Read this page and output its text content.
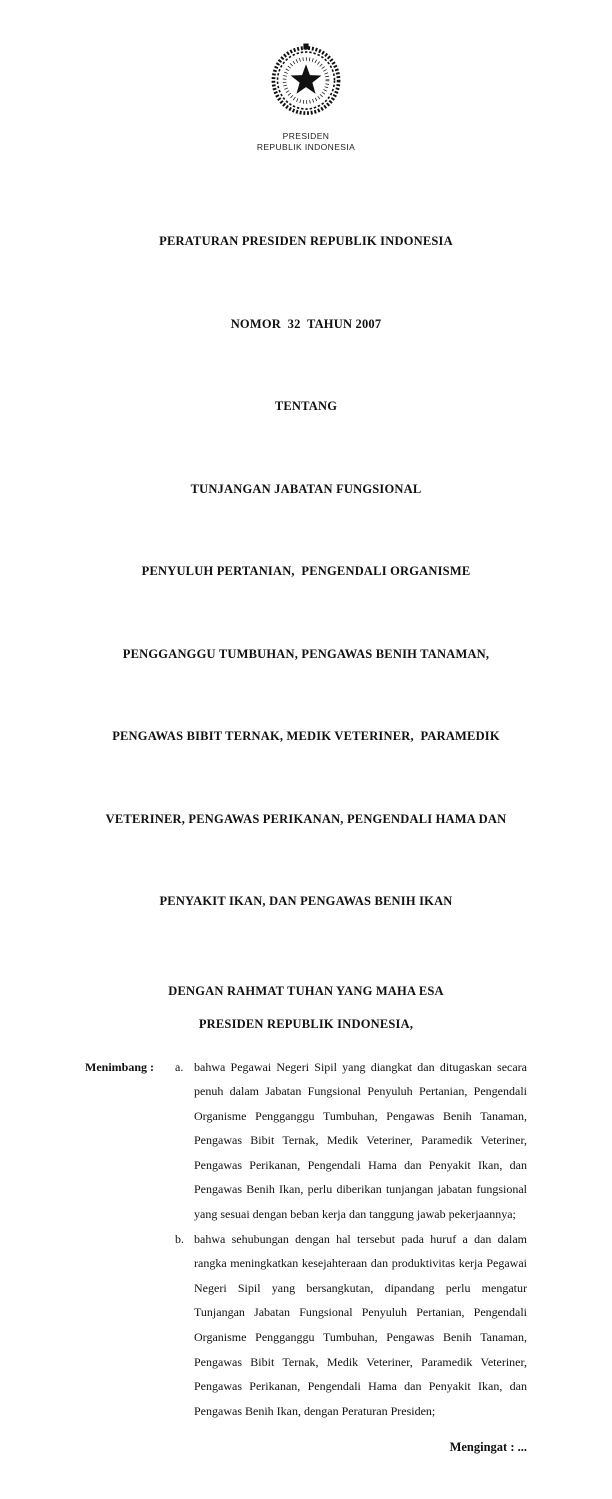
PRESIDEN
REPUBLIK INDONESIA

PERATURAN PRESIDEN REPUBLIK INDONESIA

NOMOR  32  TAHUN 2007

TENTANG

TUNJANGAN JABATAN FUNGSIONAL

PENYULUH PERTANIAN,  PENGENDALI ORGANISME

PENGGANGGU TUMBUHAN, PENGAWAS BENIH TANAMAN,

PENGAWAS BIBIT TERNAK, MEDIK VETERINER,  PARAMEDIK

VETERINER, PENGAWAS PERIKANAN, PENGENDALI HAMA DAN

PENYAKIT IKAN, DAN PENGAWAS BENIH IKAN

DENGAN RAHMAT TUHAN YANG MAHA ESA
PRESIDEN REPUBLIK INDONESIA,
Menimbang :	a. bahwa Pegawai Negeri Sipil yang diangkat dan ditugaskan secara penuh dalam Jabatan Fungsional Penyuluh Pertanian, Pengendali Organisme Pengganggu Tumbuhan, Pengawas Benih Tanaman, Pengawas Bibit Ternak, Medik Veteriner, Paramedik Veteriner, Pengawas Perikanan, Pengendali Hama dan Penyakit Ikan, dan Pengawas Benih Ikan, perlu diberikan tunjangan jabatan fungsional yang sesuai dengan beban kerja dan tanggung jawab pekerjaannya;
b. bahwa sehubungan dengan hal tersebut pada huruf a dan dalam rangka meningkatkan kesejahteraan dan produktivitas kerja Pegawai Negeri Sipil yang bersangkutan, dipandang perlu mengatur Tunjangan Jabatan Fungsional Penyuluh Pertanian, Pengendali Organisme Pengganggu Tumbuhan, Pengawas Benih Tanaman, Pengawas Bibit Ternak, Medik Veteriner, Paramedik Veteriner, Pengawas Perikanan, Pengendali Hama dan Penyakit Ikan, dan Pengawas Benih Ikan, dengan Peraturan Presiden;
Mengingat : ...
